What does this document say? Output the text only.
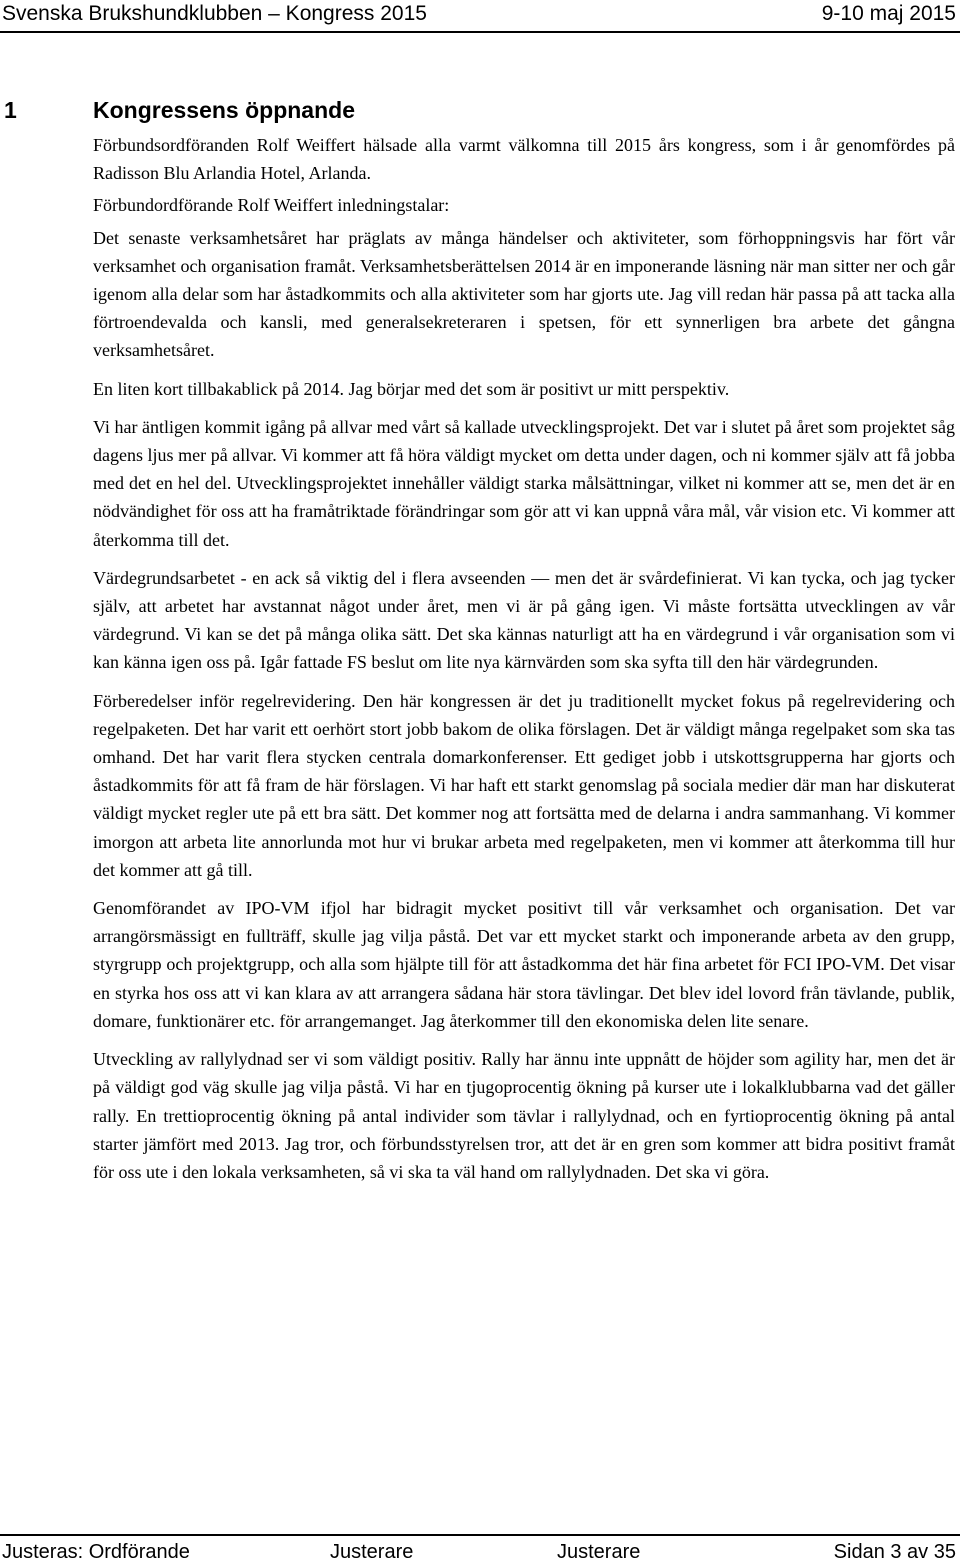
Svenska Brukshundklubben – Kongress 2015	9-10 maj 2015
1	Kongressens öppnande

Förbundsordföranden Rolf Weiffert hälsade alla varmt välkomna till 2015 års kongress, som i år genomfördes på Radisson Blu Arlandia Hotel, Arlanda.

Förbundordförande Rolf Weiffert inledningstalar:

Det senaste verksamhetsåret har präglats av många händelser och aktiviteter, som förhoppningsvis har fört vår verksamhet och organisation framåt. Verksamhetsberättelsen 2014 är en imponerande läsning när man sitter ner och går igenom alla delar som har åstadkommits och alla aktiviteter som har gjorts ute. Jag vill redan här passa på att tacka alla förtroendevalda och kansli, med generalsekreteraren i spetsen, för ett synnerligen bra arbete det gångna verksamhetsåret.

En liten kort tillbakablick på 2014. Jag börjar med det som är positivt ur mitt perspektiv.

Vi har äntligen kommit igång på allvar med vårt så kallade utvecklingsprojekt. Det var i slutet på året som projektet såg dagens ljus mer på allvar. Vi kommer att få höra väldigt mycket om detta under dagen, och ni kommer själv att få jobba med det en hel del. Utvecklingsprojektet innehåller väldigt starka målsättningar, vilket ni kommer att se, men det är en nödvändighet för oss att ha framåtriktade förändringar som gör att vi kan uppnå våra mål, vår vision etc. Vi kommer att återkomma till det.

Värdegrundsarbetet - en ack så viktig del i flera avseenden — men det är svårdefinierat. Vi kan tycka, och jag tycker själv, att arbetet har avstannat något under året, men vi är på gång igen. Vi måste fortsätta utvecklingen av vår värdegrund. Vi kan se det på många olika sätt. Det ska kännas naturligt att ha en värdegrund i vår organisation som vi kan känna igen oss på. Igår fattade FS beslut om lite nya kärnvärden som ska syfta till den här värdegrunden.

Förberedelser inför regelrevidering. Den här kongressen är det ju traditionellt mycket fokus på regelrevidering och regelpaketen. Det har varit ett oerhört stort jobb bakom de olika förslagen. Det är väldigt många regelpaket som ska tas omhand. Det har varit flera stycken centrala domarkonferenser. Ett gediget jobb i utskottsgrupperna har gjorts och åstadkommits för att få fram de här förslagen. Vi har haft ett starkt genomslag på sociala medier där man har diskuterat väldigt mycket regler ute på ett bra sätt. Det kommer nog att fortsätta med de delarna i andra sammanhang. Vi kommer imorgon att arbeta lite annorlunda mot hur vi brukar arbeta med regelpaketen, men vi kommer att återkomma till hur det kommer att gå till.

Genomförandet av IPO-VM ifjol har bidragit mycket positivt till vår verksamhet och organisation. Det var arrangörsmässigt en fullträff, skulle jag vilja påstå. Det var ett mycket starkt och imponerande arbeta av den grupp, styrgrupp och projektgrupp, och alla som hjälpte till för att åstadkomma det här fina arbetet för FCI IPO-VM. Det visar en styrka hos oss att vi kan klara av att arrangera sådana här stora tävlingar. Det blev idel lovord från tävlande, publik, domare, funktionärer etc. för arrangemanget. Jag återkommer till den ekonomiska delen lite senare.

Utveckling av rallylydnad ser vi som väldigt positiv. Rally har ännu inte uppnått de höjder som agility har, men det är på väldigt god väg skulle jag vilja påstå. Vi har en tjugoprocentig ökning på kurser ute i lokalklubbarna vad det gäller rally. En trettioprocentig ökning på antal individer som tävlar i rallylydnad, och en fyrtioprocentig ökning på antal starter jämfört med 2013. Jag tror, och förbundsstyrelsen tror, att det är en gren som kommer att bidra positivt framåt för oss ute i den lokala verksamheten, så vi ska ta väl hand om rallylydnaden. Det ska vi göra.

Justeras: Ordförande	Justerare	Justerare	Sidan 3 av 35
